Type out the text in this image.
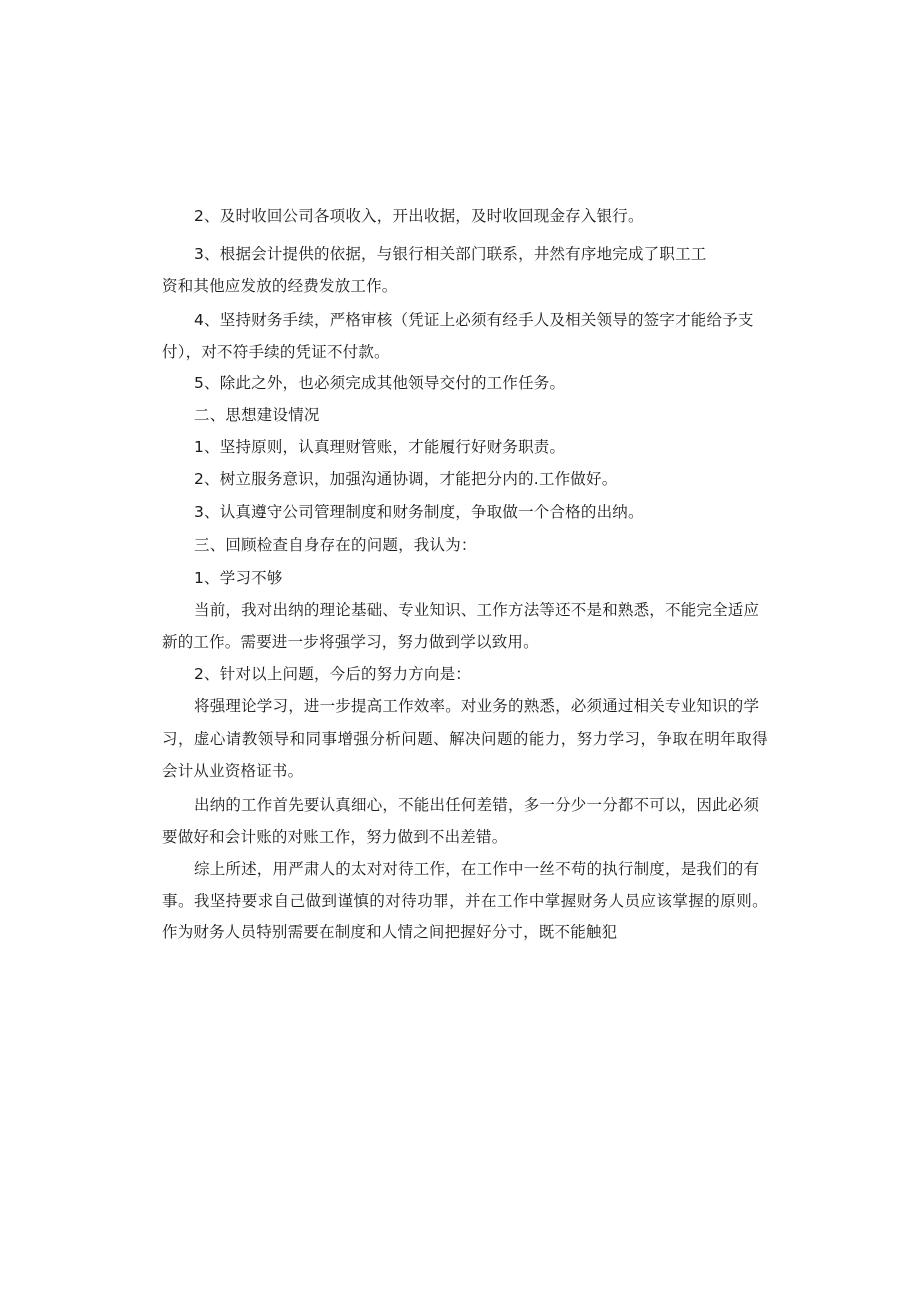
2、及时收回公司各项收入，开出收据，及时收回现金存入银行。

3、根据会计提供的依据，与银行相关部门联系，井然有序地完成了职工工

资和其他应发放的经费发放工作。

4、坚持财务手续，严格审核（凭证上必须有经手人及相关领导的签字才能给予支

付），对不符手续的凭证不付款。

5、除此之外，也必须完成其他领导交付的工作任务。

二、思想建设情况

1、坚持原则，认真理财管账，才能履行好财务职责。

2、树立服务意识，加强沟通协调，才能把分内的.工作做好。

3、认真遵守公司管理制度和财务制度，争取做一个合格的出纳。

三、回顾检查自身存在的问题，我认为：

1、学习不够

当前，我对出纳的理论基础、专业知识、工作方法等还不是和熟悉，不能完全适应

新的工作。需要进一步将强学习，努力做到学以致用。

2、针对以上问题，今后的努力方向是：

将强理论学习，进一步提高工作效率。对业务的熟悉，必须通过相关专业知识的学

习，虚心请教领导和同事增强分析问题、解决问题的能力，努力学习，争取在明年取得

会计从业资格证书。

出纳的工作首先要认真细心，不能出任何差错，多一分少一分都不可以，因此必须

要做好和会计账的对账工作，努力做到不出差错。

综上所述，用严肃人的太对对待工作，在工作中一丝不苟的执行制度，是我们的有

事。我坚持要求自己做到谨慎的对待功罪，并在工作中掌握财务人员应该掌握的原则。

作为财务人员特别需要在制度和人情之间把握好分寸，既不能触犯
